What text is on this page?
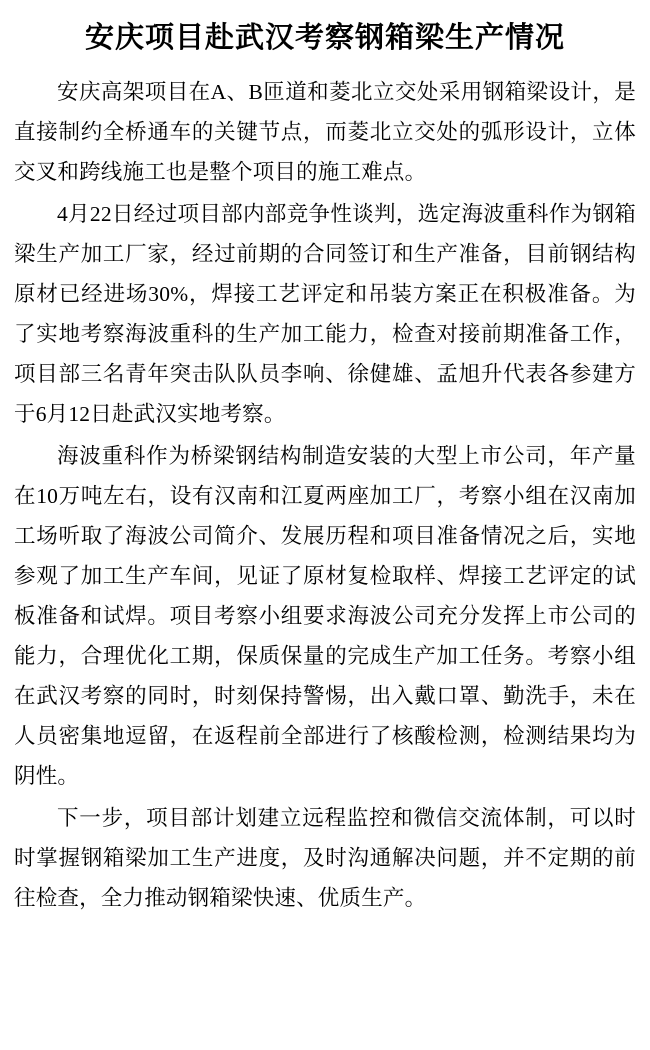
安庆项目赴武汉考察钢箱梁生产情况

安庆高架项目在A、B匝道和菱北立交处采用钢箱梁设计，是直接制约全桥通车的关键节点，而菱北立交处的弧形设计，立体交叉和跨线施工也是整个项目的施工难点。

4月22日经过项目部内部竞争性谈判，选定海波重科作为钢箱梁生产加工厂家，经过前期的合同签订和生产准备，目前钢结构原材已经进场30%，焊接工艺评定和吊装方案正在积极准备。为了实地考察海波重科的生产加工能力，检查对接前期准备工作，项目部三名青年突击队队员李响、徐健雄、孟旭升代表各参建方于6月12日赴武汉实地考察。

海波重科作为桥梁钢结构制造安装的大型上市公司，年产量在10万吨左右，设有汉南和江夏两座加工厂，考察小组在汉南加工场听取了海波公司简介、发展历程和项目准备情况之后，实地参观了加工生产车间，见证了原材复检取样、焊接工艺评定的试板准备和试焊。项目考察小组要求海波公司充分发挥上市公司的能力，合理优化工期，保质保量的完成生产加工任务。考察小组在武汉考察的同时，时刻保持警惕，出入戴口罩、勤洗手，未在人员密集地逗留，在返程前全部进行了核酸检测，检测结果均为阴性。

下一步，项目部计划建立远程监控和微信交流体制，可以时时掌握钢箱梁加工生产进度，及时沟通解决问题，并不定期的前往检查，全力推动钢箱梁快速、优质生产。
